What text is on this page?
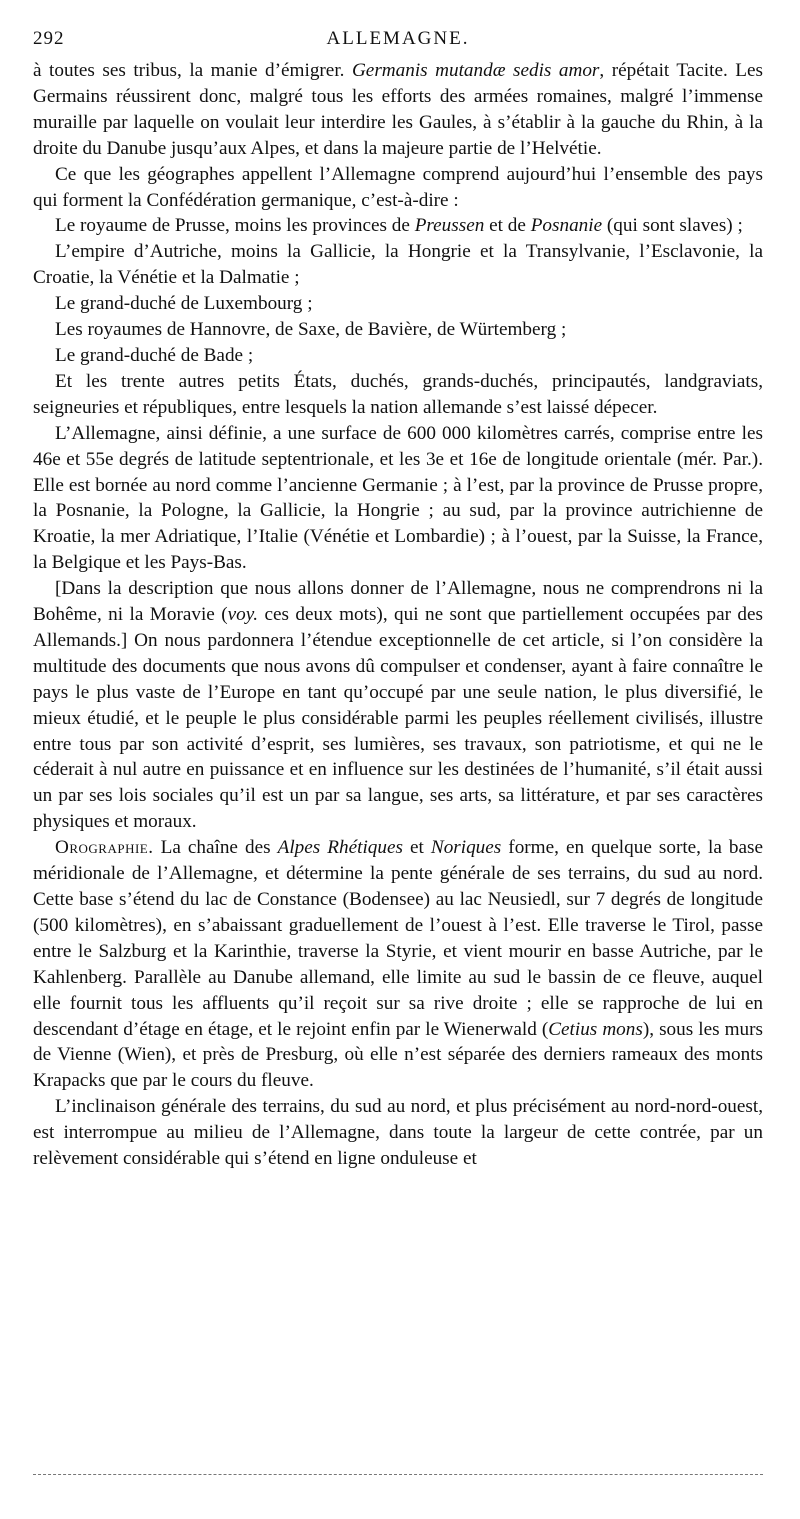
292	ALLEMAGNE.

à toutes ses tribus, la manie d’émigrer. Germanis mutandæ sedis amor, répétait Tacite. Les Germains réussirent donc, malgré tous les efforts des armées romaines, malgré l’immense muraille par laquelle on voulait leur interdire les Gaules, à s’établir à la gauche du Rhin, à la droite du Danube jusqu’aux Alpes, et dans la majeure partie de l’Helvétie.

Ce que les géographes appellent l’Allemagne comprend aujourd’hui l’ensemble des pays qui forment la Confédération germanique, c’est-à-dire :

Le royaume de Prusse, moins les provinces de Preussen et de Posnanie (qui sont slaves) ;

L’empire d’Autriche, moins la Gallicie, la Hongrie et la Transylvanie, l’Esclavonie, la Croatie, la Vénétie et la Dalmatie ;

Le grand-duché de Luxembourg ;

Les royaumes de Hannovre, de Saxe, de Bavière, de Würtemberg ;

Le grand-duché de Bade ;

Et les trente autres petits États, duchés, grands-duchés, principautés, landgraviats, seigneuries et républiques, entre lesquels la nation allemande s’est laissé dépecer.

L’Allemagne, ainsi définie, a une surface de 600 000 kilomètres carrés, comprise entre les 46e et 55e degrés de latitude septentrionale, et les 3e et 16e de longitude orientale (mér. Par.). Elle est bornée au nord comme l’ancienne Germanie ; à l’est, par la province de Prusse propre, la Posnanie, la Pologne, la Gallicie, la Hongrie ; au sud, par la province autrichienne de Kroatie, la mer Adriatique, l’Italie (Vénétie et Lombardie) ; à l’ouest, par la Suisse, la France, la Belgique et les Pays-Bas.

[Dans la description que nous allons donner de l’Allemagne, nous ne comprendrons ni la Bohême, ni la Moravie (voy. ces deux mots), qui ne sont que partiellement occupées par des Allemands.] On nous pardonnera l’étendue exceptionnelle de cet article, si l’on considère la multitude des documents que nous avons dû compulser et condenser, ayant à faire connaître le pays le plus vaste de l’Europe en tant qu’occupé par une seule nation, le plus diversifié, le mieux étudié, et le peuple le plus considérable parmi les peuples réellement civilisés, illustre entre tous par son activité d’esprit, ses lumières, ses travaux, son patriotisme, et qui ne le céderait à nul autre en puissance et en influence sur les destinées de l’humanité, s’il était aussi un par ses lois sociales qu’il est un par sa langue, ses arts, sa littérature, et par ses caractères physiques et moraux.

Orographie. La chaîne des Alpes Rhétiques et Noriques forme, en quelque sorte, la base méridionale de l’Allemagne, et détermine la pente générale de ses terrains, du sud au nord. Cette base s’étend du lac de Constance (Bodensee) au lac Neusiedl, sur 7 degrés de longitude (500 kilomètres), en s’abaissant graduellement de l’ouest à l’est. Elle traverse le Tirol, passe entre le Salzburg et la Karinthie, traverse la Styrie, et vient mourir en basse Autriche, par le Kahlenberg. Parallèle au Danube allemand, elle limite au sud le bassin de ce fleuve, auquel elle fournit tous les affluents qu’il reçoit sur sa rive droite ; elle se rapproche de lui en descendant d’étage en étage, et le rejoint enfin par le Wienerwald (Cetius mons), sous les murs de Vienne (Wien), et près de Presburg, où elle n’est séparée des derniers rameaux des monts Krapacks que par le cours du fleuve.

L’inclinaison générale des terrains, du sud au nord, et plus précisément au nord-nord-ouest, est interrompue au milieu de l’Allemagne, dans toute la largeur de cette contrée, par un relèvement considérable qui s’étend en ligne onduleuse et
